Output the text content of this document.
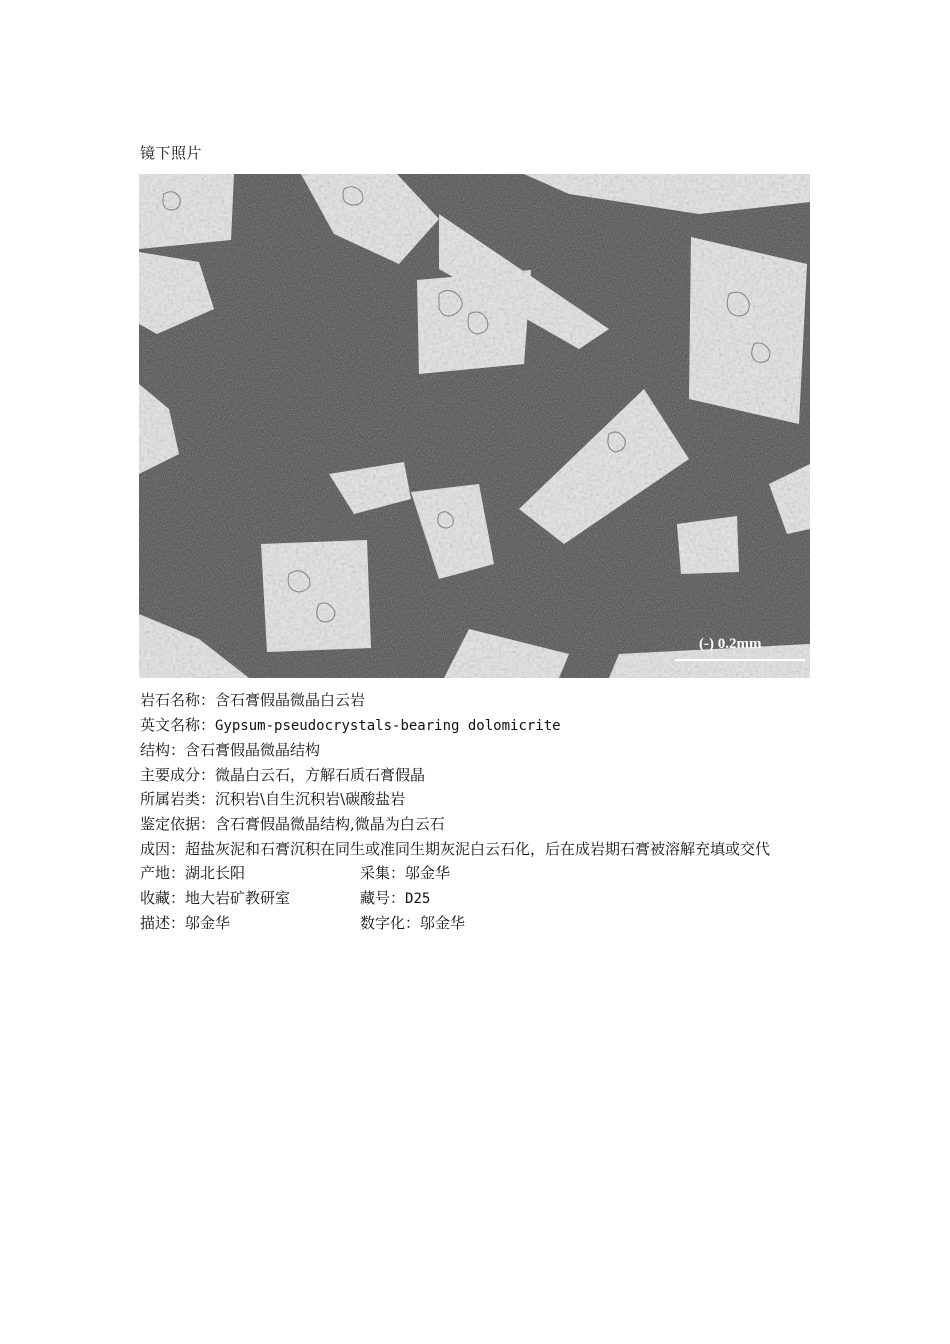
镜下照片
(-) 0.2mm
岩石名称：含石膏假晶微晶白云岩
英文名称：Gypsum-pseudocrystals-bearing dolomicrite
结构：含石膏假晶微晶结构
主要成分：微晶白云石，方解石质石膏假晶
所属岩类：沉积岩\自生沉积岩\碳酸盐岩
鉴定依据：含石膏假晶微晶结构,微晶为白云石
成因：超盐灰泥和石膏沉积在同生或准同生期灰泥白云石化，后在成岩期石膏被溶解充填或交代
产地：湖北长阳	采集：邬金华
收藏：地大岩矿教研室	藏号：D25
描述：邬金华	数字化：邬金华
